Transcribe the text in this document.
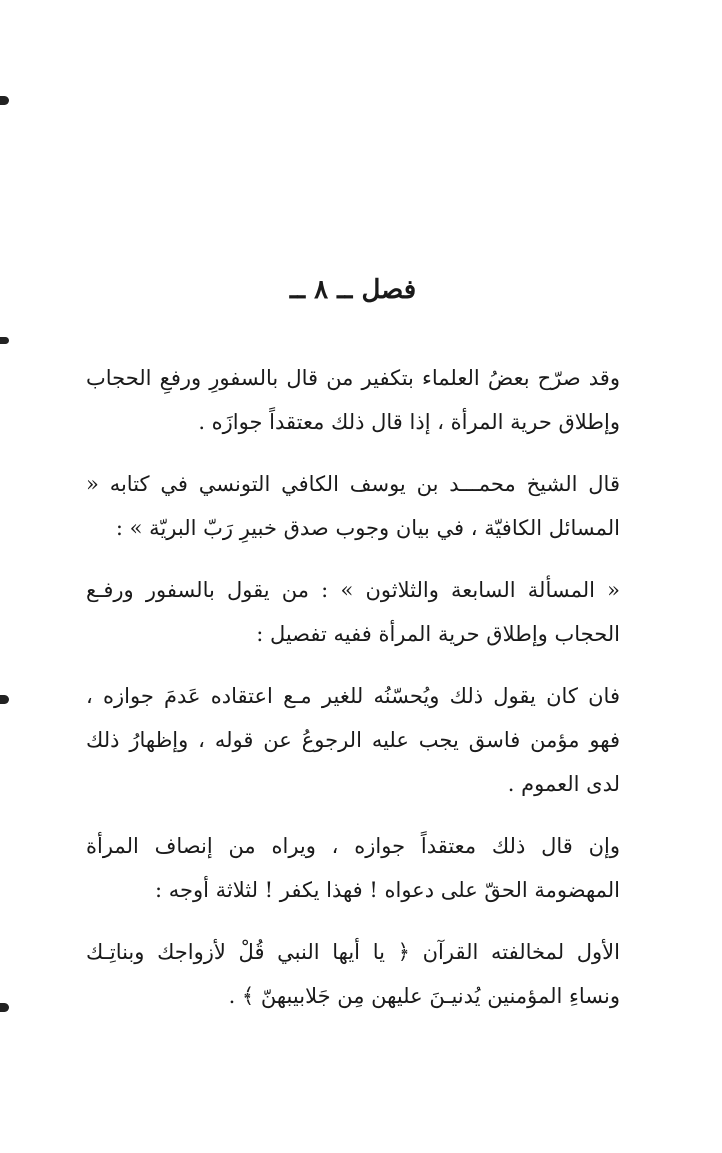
فصل ــ ٨ ــ

وقد صرّح بعضُ العلماء بتكفير من قال بالسفورِ ورفعِ الحجاب وإطلاق حرية المرأة ، إذا قال ذلك معتقداً جوازَه .

قال الشيخ محمـــد بن يوسف الكافي التونسي في كتابه « المسائل الكافيّة ، في بيان وجوب صدق خبيرِ رَبّ البريّة » :

« المسألة السابعة والثلاثون » : من يقول بالسفور ورفـع الحجاب وإطلاق حرية المرأة ففيه تفصيل :

فان كان يقول ذلك ويُحسّنُه للغير مـع اعتقاده عَدمَ جوازه ، فهو مؤمن فاسق يجب عليه الرجوعُ عن قوله ، وإظهارُ ذلك لدى العموم .

وإن قال ذلك معتقداً جوازه ، ويراه من إنصاف المرأة المهضومة الحقّ على دعواه ! فهذا يكفر ! لثلاثة أوجه :

الأول لمخالفته القرآن ﴿ يا أيها النبي قُلْ لأزواجك وبناتِـك ونساءِ المؤمنين يُدنيـنَ عليهن مِن جَلابيبهنّ ﴾ .
